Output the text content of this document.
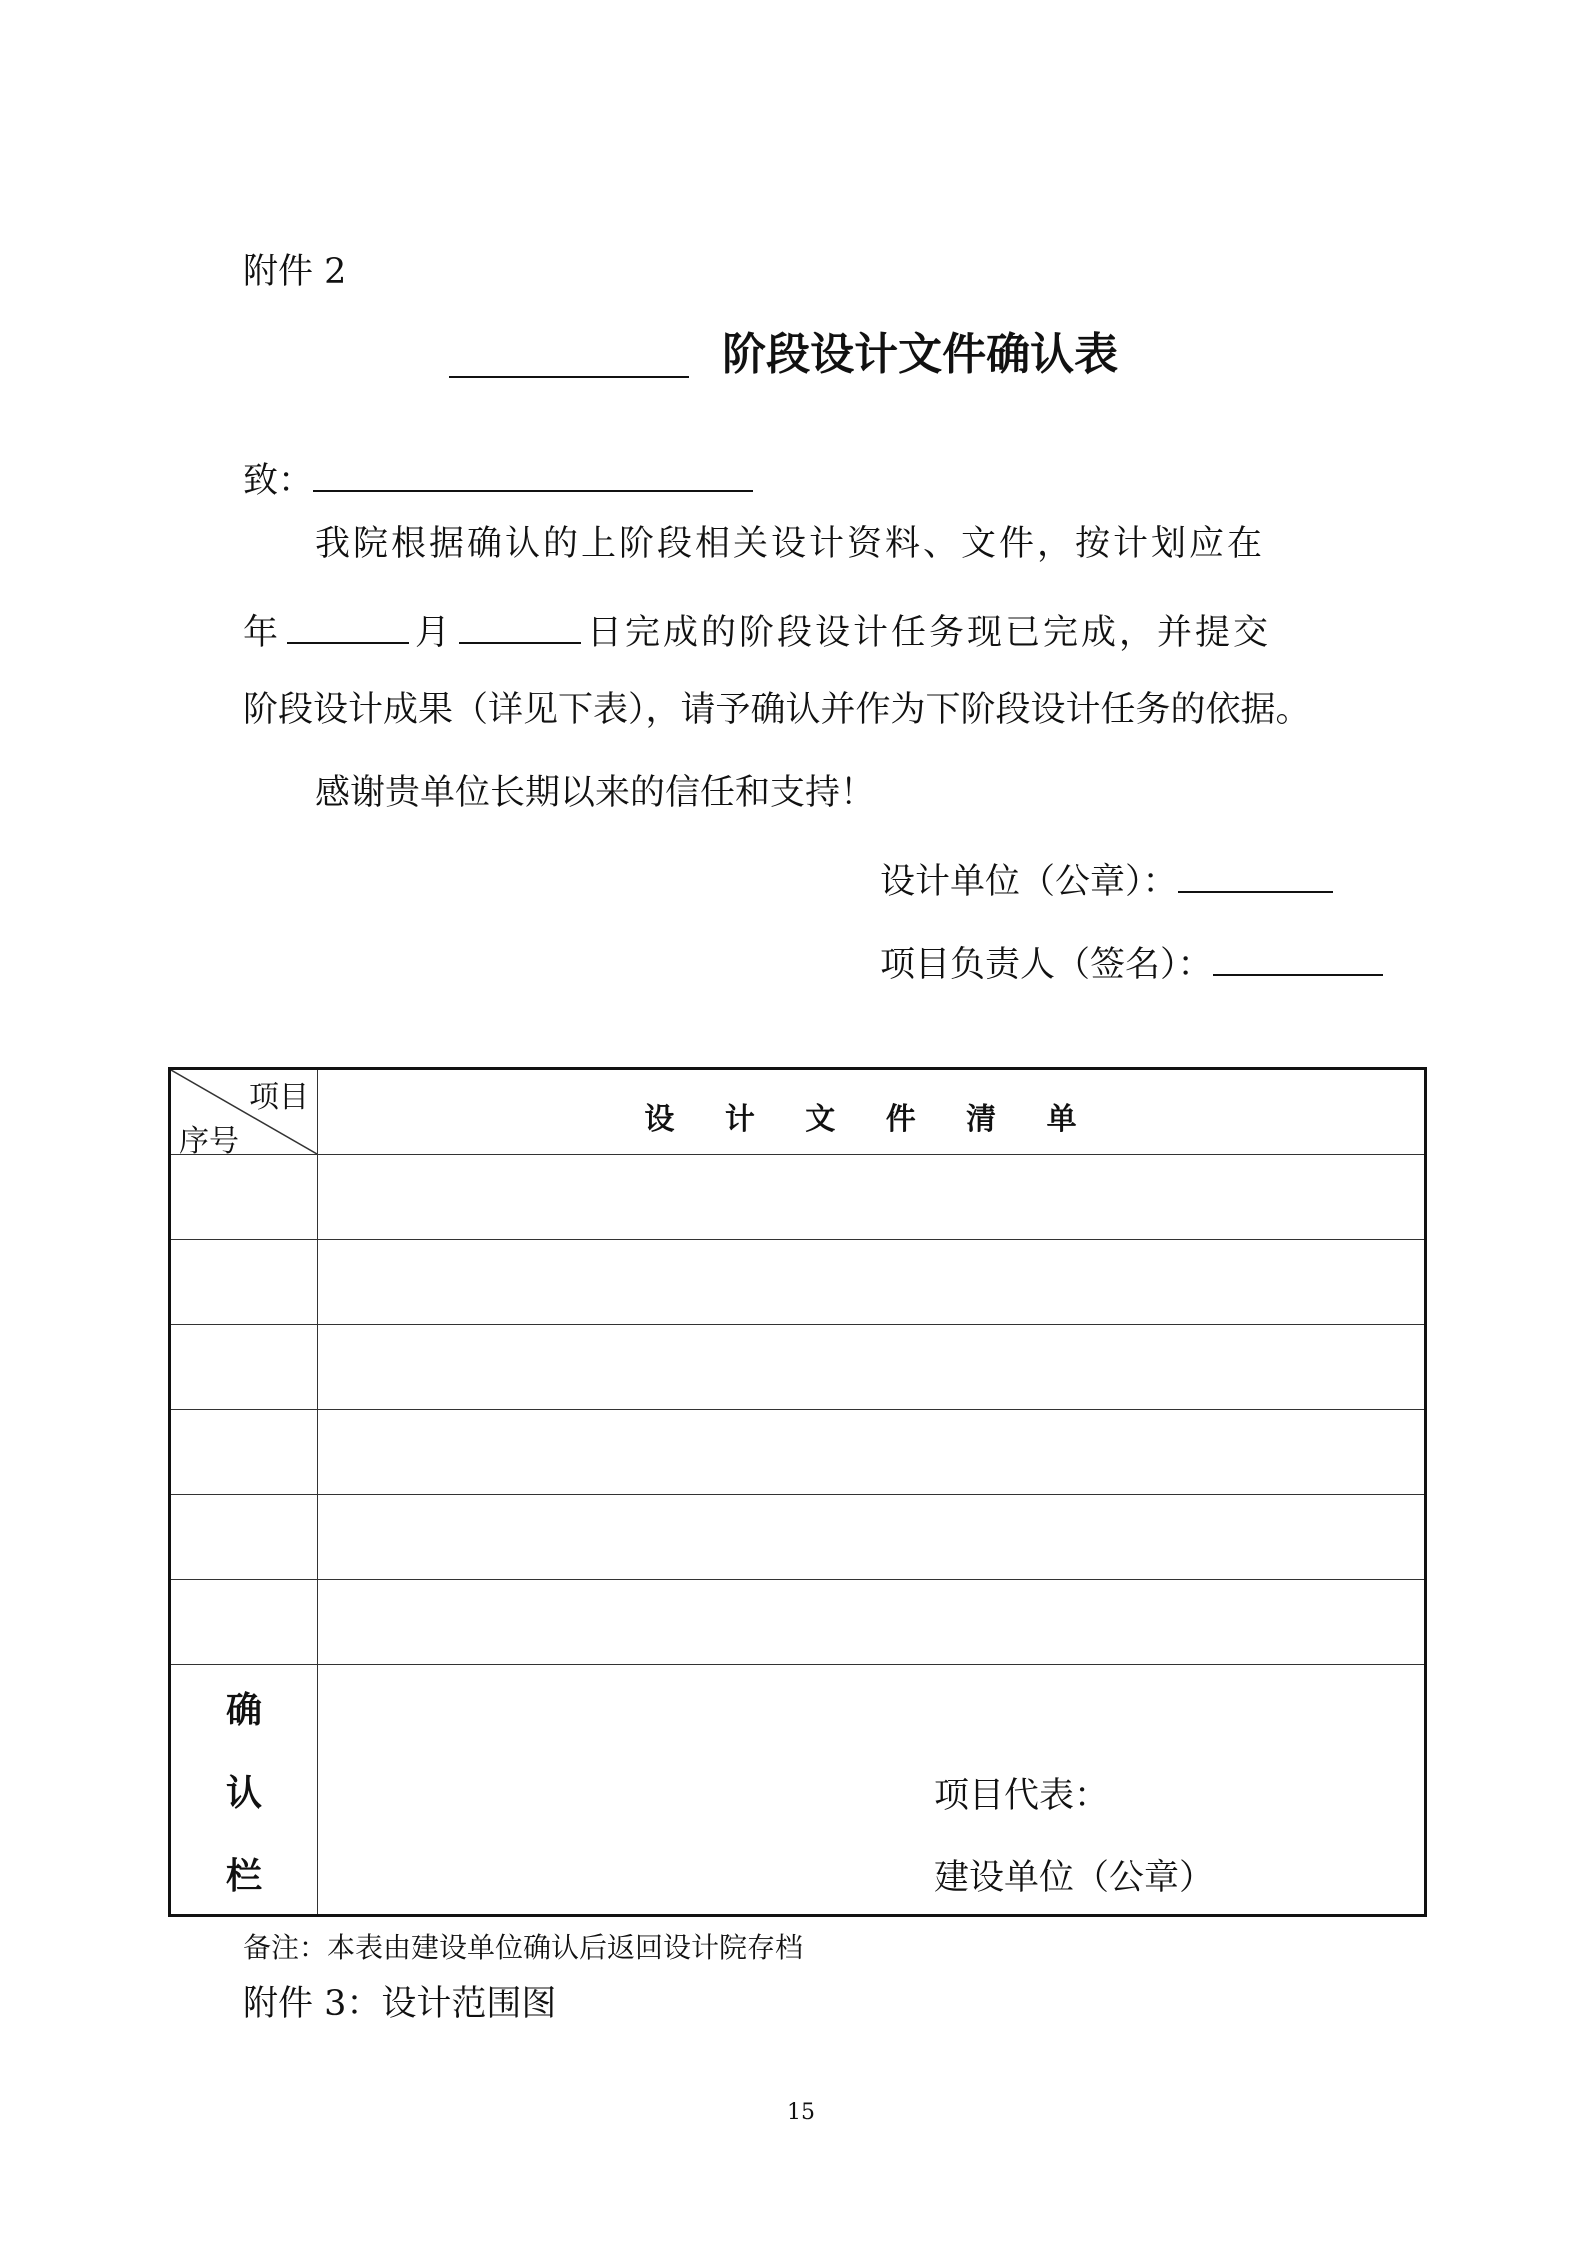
附件 2
阶段设计文件确认表
致：
我院根据确认的上阶段相关设计资料、文件，按计划应在
年	月	日完成的阶段设计任务现已完成，并提交
阶段设计成果（详见下表），请予确认并作为下阶段设计任务的依据。
感谢贵单位长期以来的信任和支持！
设计单位（公章）：
项目负责人（签名）：
项目
序号
设 计 文 件 清 单
确
认
栏
项目代表：
建设单位（公章）
备注：本表由建设单位确认后返回设计院存档
附件 3：设计范围图
15
